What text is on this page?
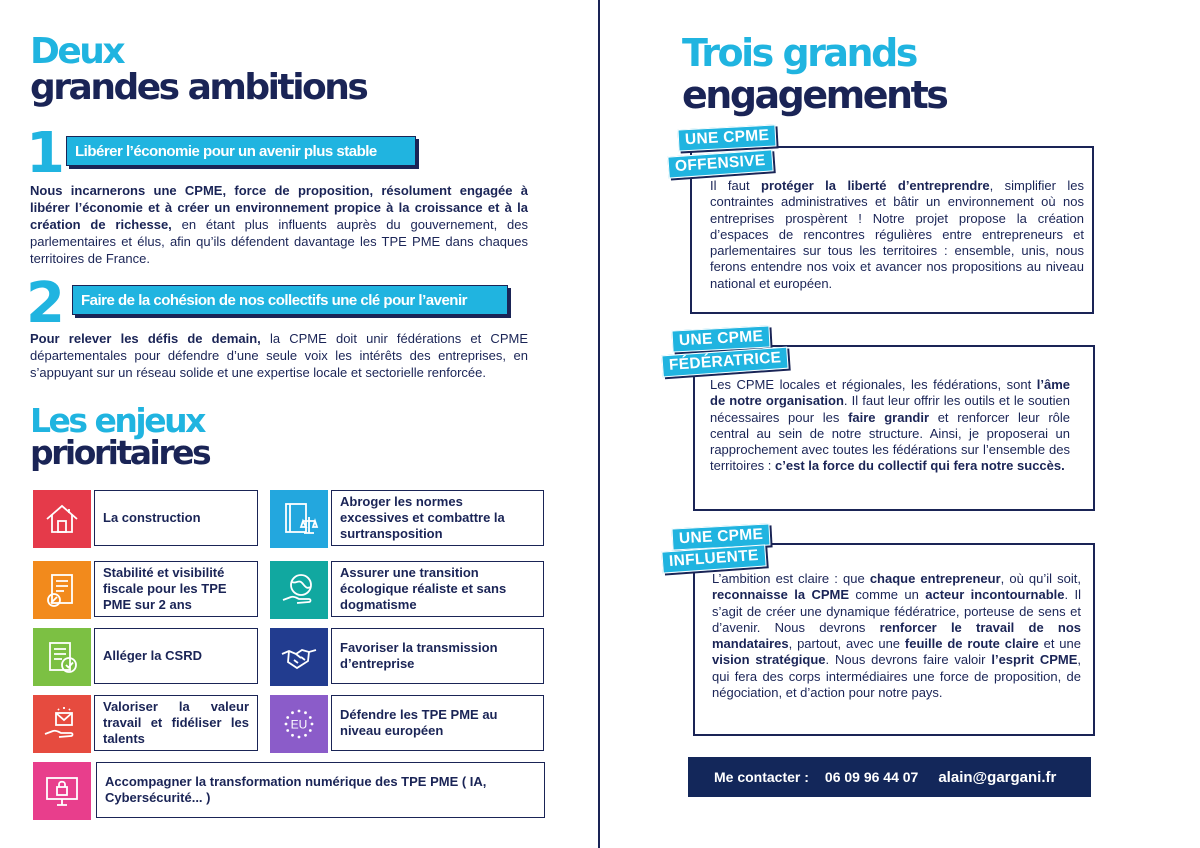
Deux
grandes ambitions
1 Libérer l’économie pour un avenir plus stable
Nous incarnerons une CPME, force de proposition, résolument engagée à libérer l’économie et à créer un environnement propice à la croissance et à la création de richesse, en étant plus influents auprès du gouvernement, des parlementaires et élus, afin qu’ils défendent davantage les TPE PME dans chaques territoires de France.
2	Faire de la cohésion de nos collectifs une clé pour l’avenir
Pour relever les défis de demain, la CPME doit unir fédérations et CPME départementales pour défendre d’une seule voix les intérêts des entreprises, en s’appuyant sur un réseau solide et une expertise locale et sectorielle renforcée.
Les enjeux
prioritaires
La construction
Abroger les normes excessives et combattre la surtransposition
Stabilité et visibilité fiscale pour les TPE PME sur 2 ans
Assurer une transition écologique réaliste et sans dogmatisme
Alléger la CSRD
Favoriser la transmission d’entreprise
Valoriser la valeur travail et fidéliser les talents
EU
Défendre les TPE PME au niveau européen
Accompagner la transformation numérique des TPE PME ( IA, Cybersécurité... )
Trois grands
engagements
UNE CPME
OFFENSIVE
Il faut protéger la liberté d’entreprendre, simplifier les contraintes administratives et bâtir un environnement où nos entreprises prospèrent ! Notre projet propose la création d’espaces de rencontres régulières entre entrepreneurs et parlementaires sur tous les territoires : ensemble, unis, nous ferons entendre nos voix et avancer nos propositions au niveau national et européen.
UNE CPME
FÉDÉRATRICE
Les CPME locales et régionales, les fédérations, sont l’âme de notre organisation. Il faut leur offrir les outils et le soutien nécessaires pour les faire grandir et renforcer leur rôle central au sein de notre structure. Ainsi, je proposerai un rapprochement avec toutes les fédérations sur l’ensemble des territoires : c’est la force du collectif qui fera notre succès.
UNE CPME
INFLUENTE
L’ambition est claire : que chaque entrepreneur, où qu’il soit, reconnaisse la CPME comme un acteur incontournable. Il s’agit de créer une dynamique fédératrice, porteuse de sens et d’avenir. Nous devrons renforcer le travail de nos mandataires, partout, avec une feuille de route claire et une vision stratégique. Nous devrons faire valoir l’esprit CPME, qui fera des corps intermédiaires une force de proposition, de négociation, et d’action pour notre pays.
Me contacter : 06 09 96 44 07 alain@gargani.fr
